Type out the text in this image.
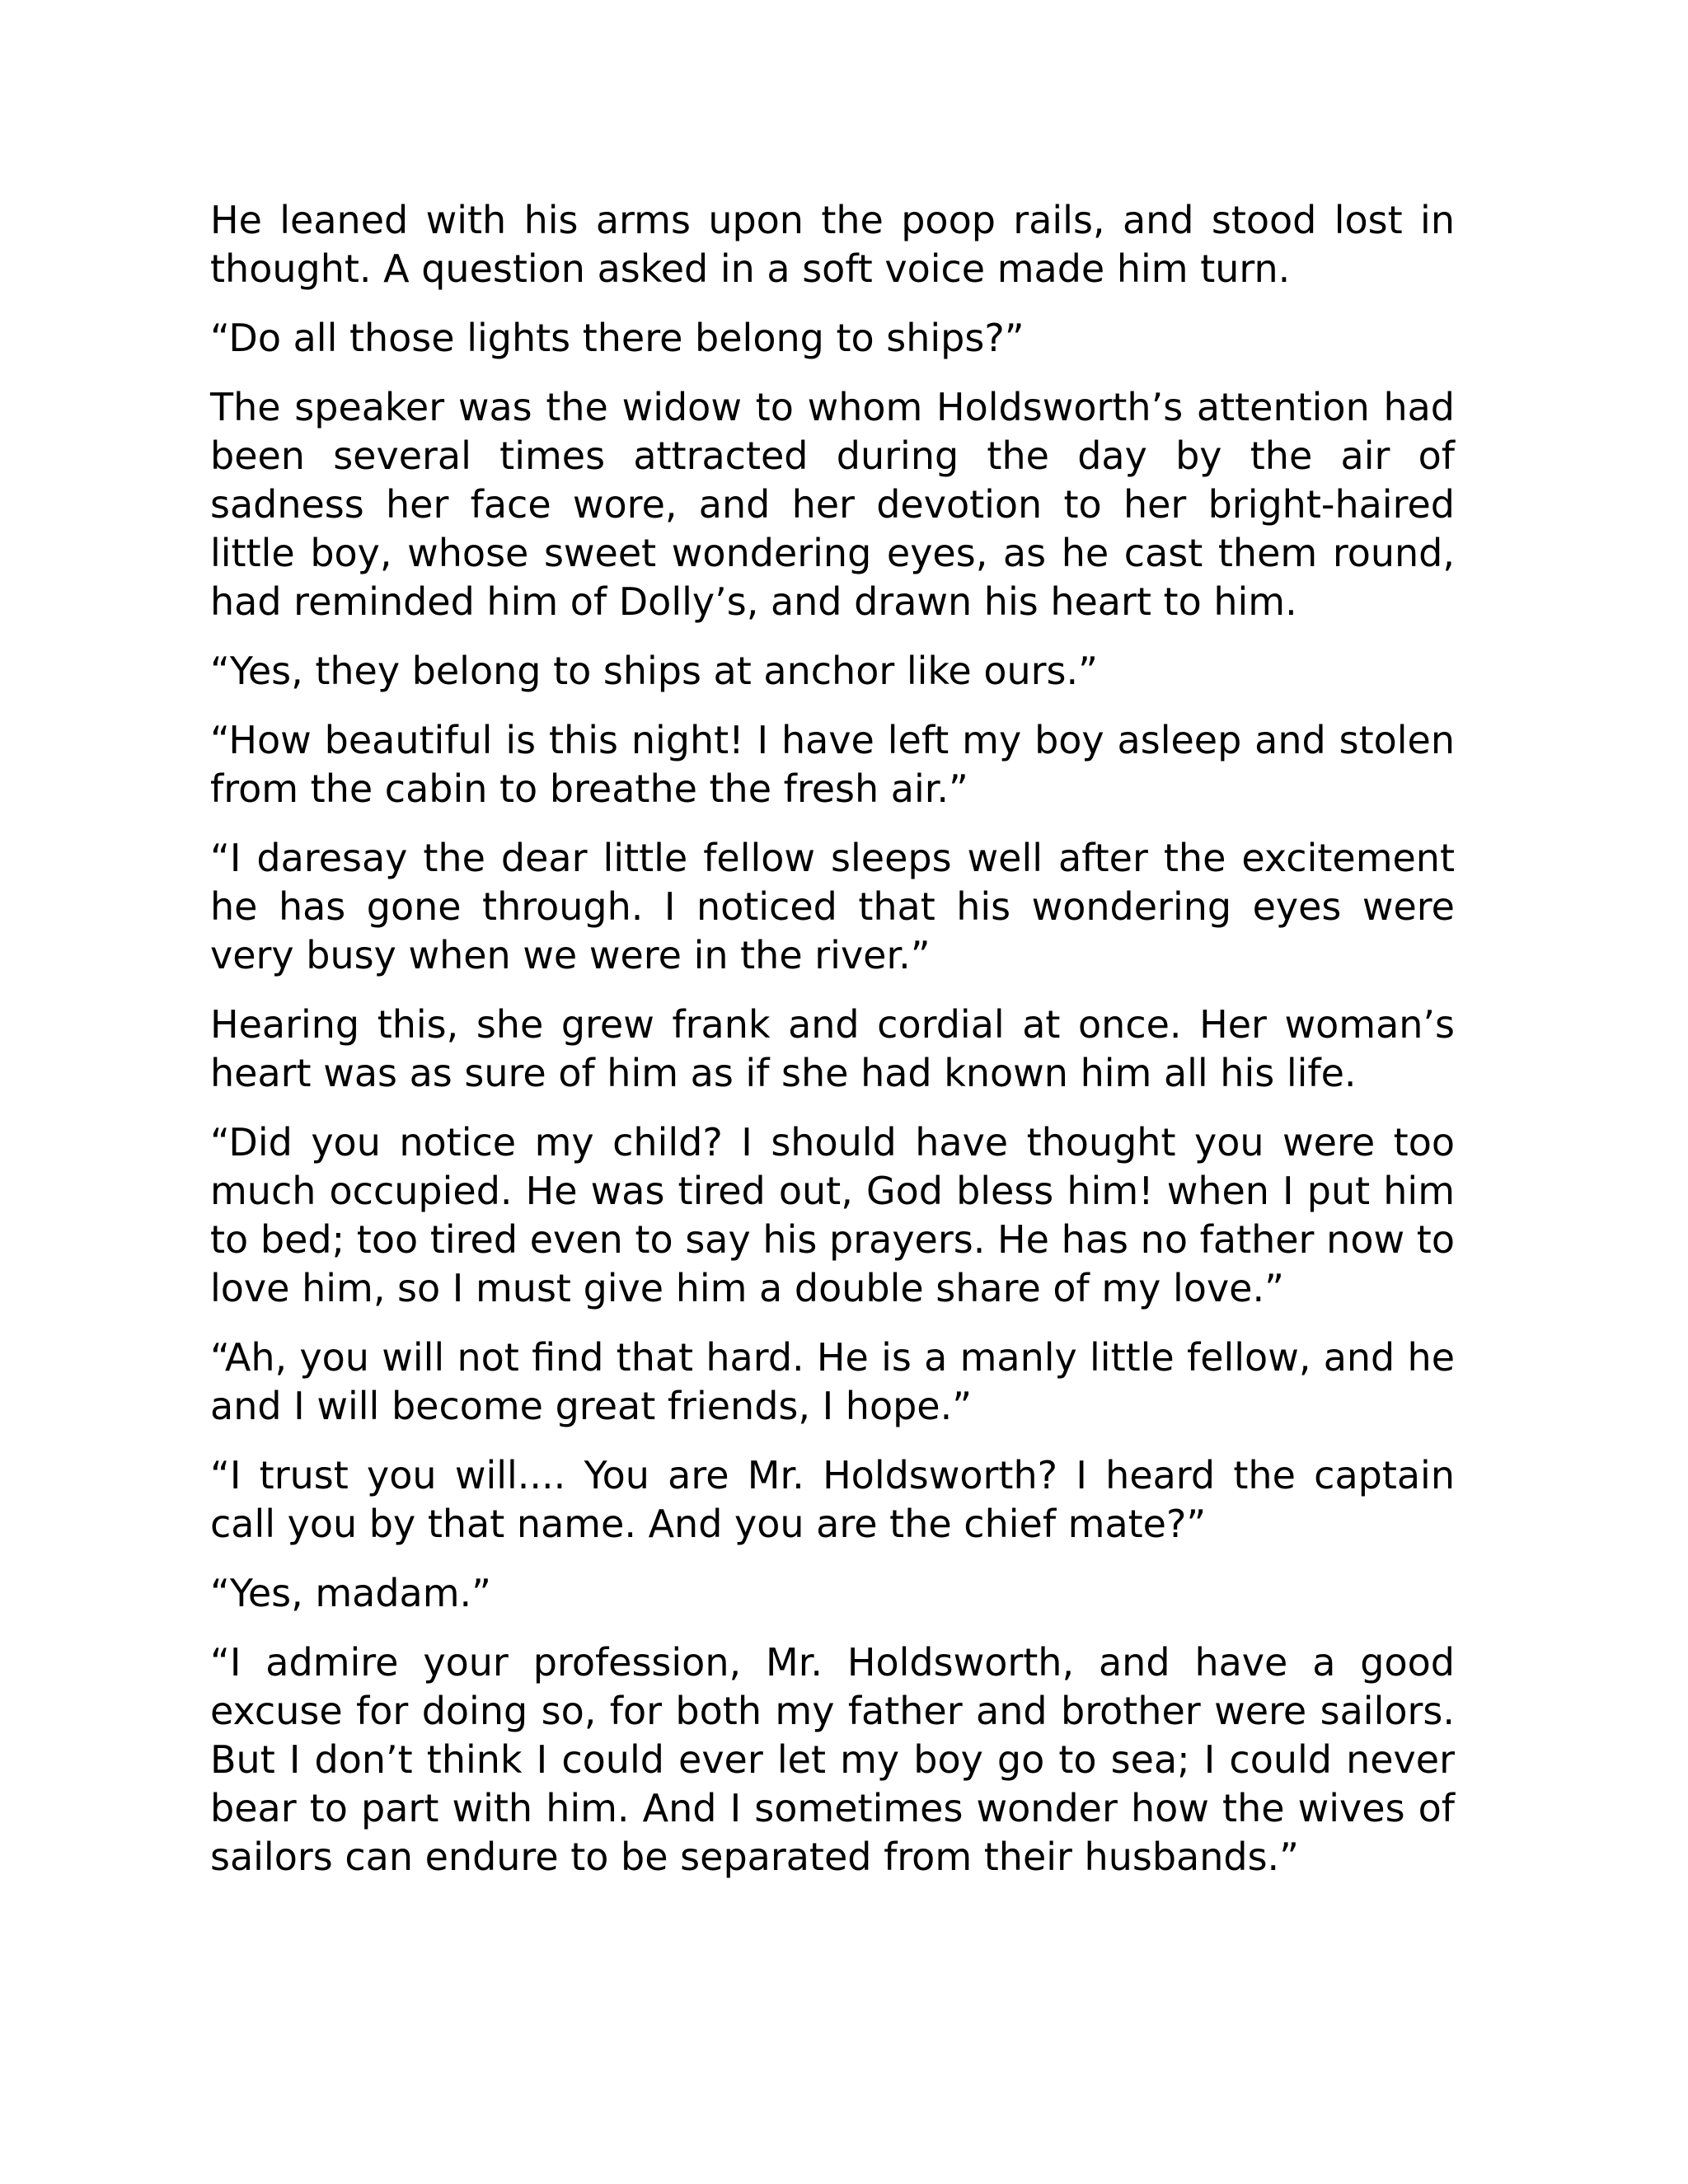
He leaned with his arms upon the poop rails, and stood lost in thought. A question asked in a soft voice made him turn.

“Do all those lights there belong to ships?”

The speaker was the widow to whom Holdsworth’s attention had been several times attracted during the day by the air of sadness her face wore, and her devotion to her bright-haired little boy, whose sweet wondering eyes, as he cast them round, had reminded him of Dolly’s, and drawn his heart to him.

“Yes, they belong to ships at anchor like ours.”

“How beautiful is this night! I have left my boy asleep and stolen from the cabin to breathe the fresh air.”

“I daresay the dear little fellow sleeps well after the excitement he has gone through. I noticed that his wondering eyes were very busy when we were in the river.”

Hearing this, she grew frank and cordial at once. Her woman’s heart was as sure of him as if she had known him all his life.

“Did you notice my child? I should have thought you were too much occupied. He was tired out, God bless him! when I put him to bed; too tired even to say his prayers. He has no father now to love him, so I must give him a double share of my love.”

“Ah, you will not find that hard. He is a manly little fellow, and he and I will become great friends, I hope.”

“I trust you will.... You are Mr. Holdsworth? I heard the captain call you by that name. And you are the chief mate?”

“Yes, madam.”

“I admire your profession, Mr. Holdsworth, and have a good excuse for doing so, for both my father and brother were sailors. But I don’t think I could ever let my boy go to sea; I could never bear to part with him. And I sometimes wonder how the wives of sailors can endure to be separated from their husbands.”
